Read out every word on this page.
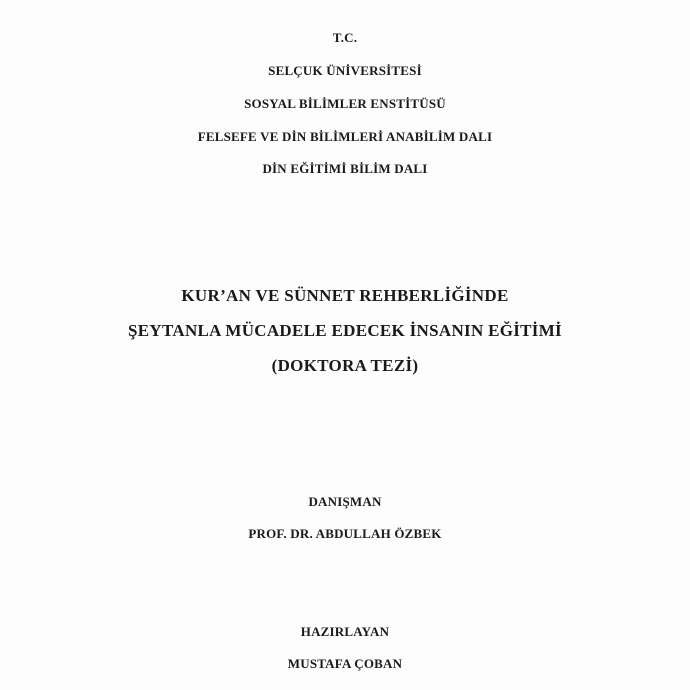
T.C.
SELÇUK ÜNİVERSİTESİ
SOSYAL BİLİMLER ENSTİTÜSÜ
FELSEFE VE DİN BİLİMLERİ ANABİLİM DALI
DİN EĞİTİMİ BİLİM DALI
KUR’AN VE SÜNNET REHBERLİĞİNDE
ŞEYTANLA MÜCADELE EDECEK İNSANIN EĞİTİMİ
(DOKTORA TEZİ)
DANIŞMAN
PROF. DR. ABDULLAH ÖZBEK
HAZIRLAYAN
MUSTAFA ÇOBAN
